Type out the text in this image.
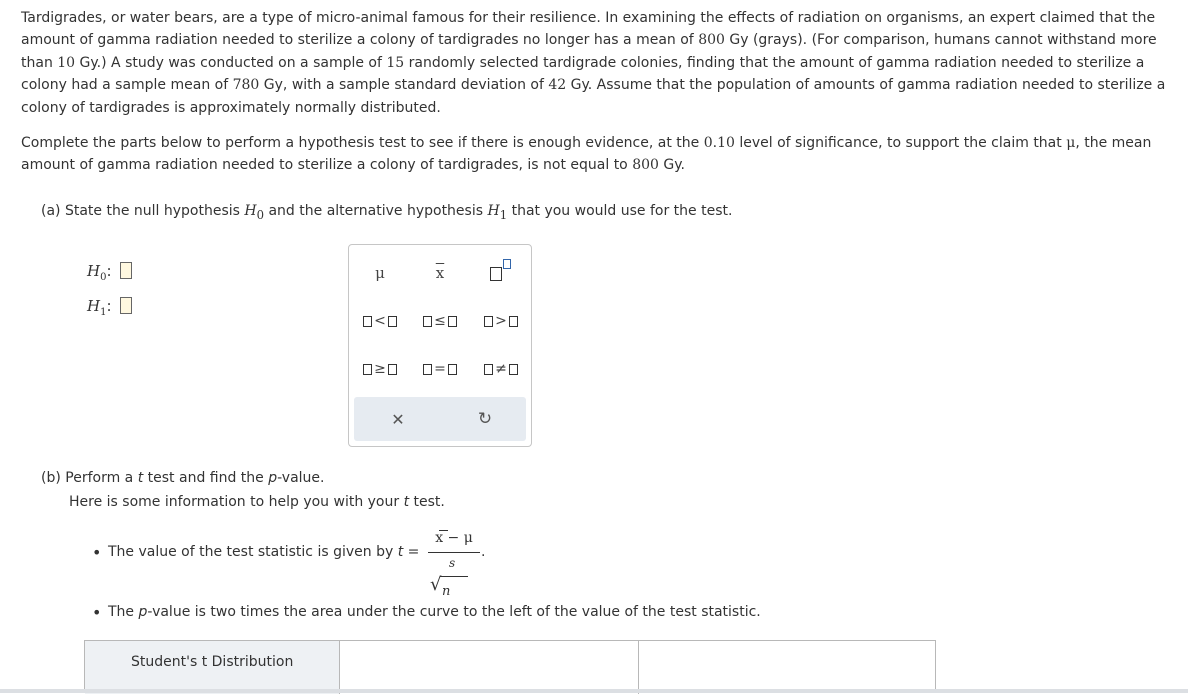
Tardigrades, or water bears, are a type of micro-animal famous for their resilience. In examining the effects of radiation on organisms, an expert claimed that the amount of gamma radiation needed to sterilize a colony of tardigrades no longer has a mean of 800 Gy (grays). (For comparison, humans cannot withstand more than 10 Gy.) A study was conducted on a sample of 15 randomly selected tardigrade colonies, finding that the amount of gamma radiation needed to sterilize a colony had a sample mean of 780 Gy, with a sample standard deviation of 42 Gy. Assume that the population of amounts of gamma radiation needed to sterilize a colony of tardigrades is approximately normally distributed.

Complete the parts below to perform a hypothesis test to see if there is enough evidence, at the 0.10 level of significance, to support the claim that μ, the mean amount of gamma radiation needed to sterilize a colony of tardigrades, is not equal to 800 Gy.

(a) State the null hypothesis $H_0$ and the alternative hypothesis $H_1$ that you would use for the test.
$H_0$:
$H_1$:
μ	$\overline{x}$
<	≤	>
≥	=	≠
✕	↻
(b) Perform a t test and find the p-value.
Here is some information to help you with your t test.
• The value of the test statistic is given by t =
x − μ
s
√ n
.
• The p-value is two times the area under the curve to the left of the value of the test statistic.
Student's t Distribution
